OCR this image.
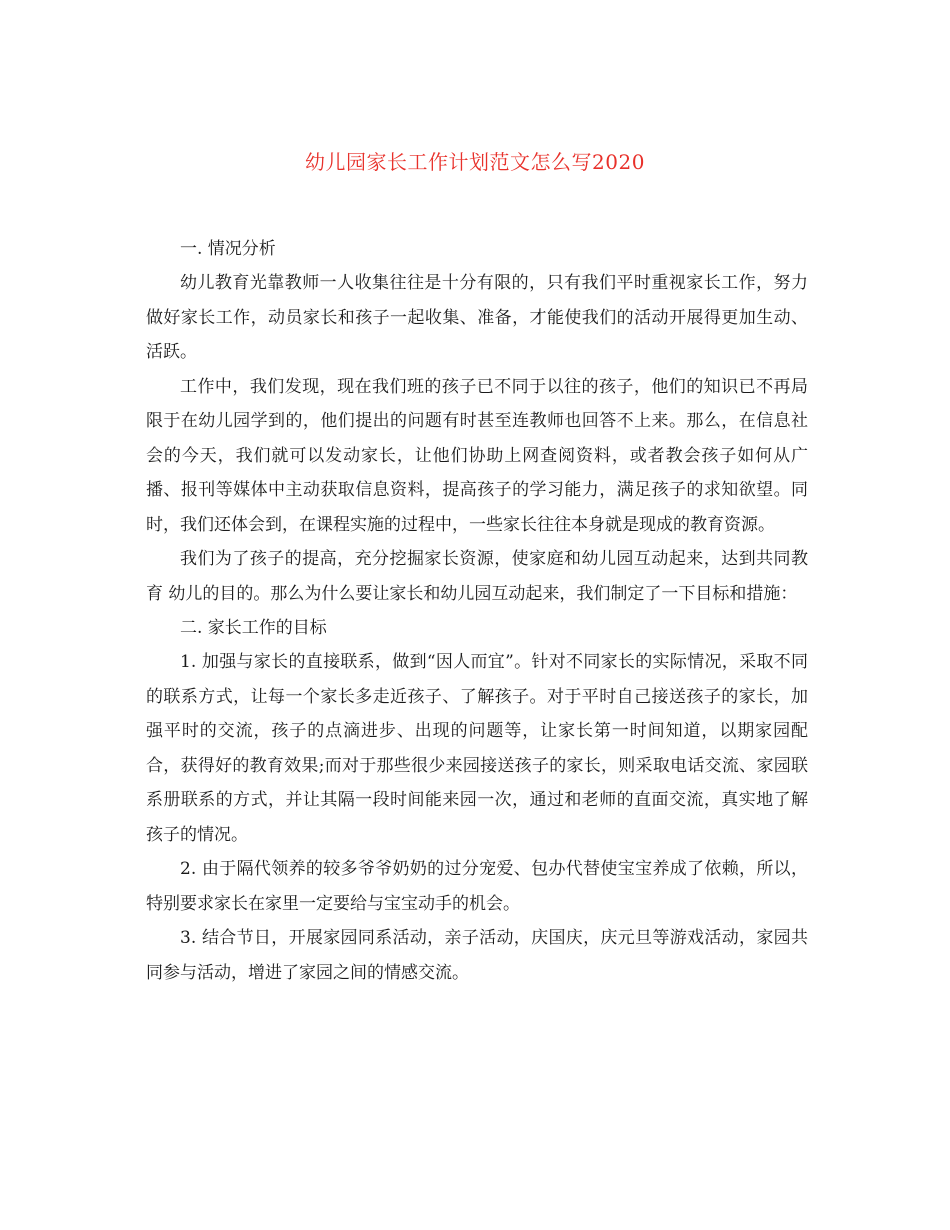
幼儿园家长工作计划范文怎么写2020

一. 情况分析

幼儿教育光靠教师一人收集往往是十分有限的，只有我们平时重视家长工作，努力做好家长工作，动员家长和孩子一起收集、准备，才能使我们的活动开展得更加生动、活跃。

工作中，我们发现，现在我们班的孩子已不同于以往的孩子，他们的知识已不再局限于在幼儿园学到的，他们提出的问题有时甚至连教师也回答不上来。那么，在信息社会的今天，我们就可以发动家长，让他们协助上网查阅资料，或者教会孩子如何从广播、报刊等媒体中主动获取信息资料，提高孩子的学习能力，满足孩子的求知欲望。同时，我们还体会到，在课程实施的过程中，一些家长往往本身就是现成的教育资源。

我们为了孩子的提高，充分挖掘家长资源，使家庭和幼儿园互动起来，达到共同教育 幼儿的目的。那么为什么要让家长和幼儿园互动起来，我们制定了一下目标和措施：

二. 家长工作的目标

1. 加强与家长的直接联系，做到“因人而宜”。针对不同家长的实际情况，采取不同的联系方式，让每一个家长多走近孩子、了解孩子。对于平时自己接送孩子的家长，加强平时的交流，孩子的点滴进步、出现的问题等，让家长第一时间知道，以期家园配合，获得好的教育效果;而对于那些很少来园接送孩子的家长，则采取电话交流、家园联系册联系的方式，并让其隔一段时间能来园一次，通过和老师的直面交流，真实地了解孩子的情况。

2. 由于隔代领养的较多爷爷奶奶的过分宠爱、包办代替使宝宝养成了依赖，所以，特别要求家长在家里一定要给与宝宝动手的机会。

3. 结合节日，开展家园同系活动，亲子活动，庆国庆，庆元旦等游戏活动，家园共同参与活动，增进了家园之间的情感交流。
